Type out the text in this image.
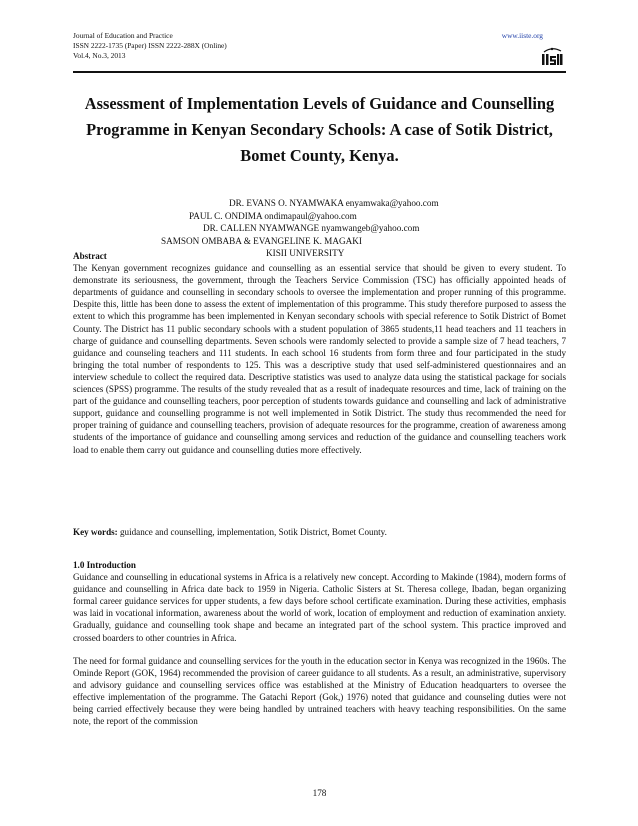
Journal of Education and Practice
ISSN 2222-1735 (Paper) ISSN 2222-288X (Online)
Vol.4, No.3, 2013
www.iiste.org
Assessment of Implementation Levels of Guidance and Counselling
Programme in Kenyan Secondary Schools: A case of Sotik District,
Bomet County, Kenya.
DR. EVANS O. NYAMWAKA enyamwaka@yahoo.com
PAUL C. ONDIMA ondimapaul@yahoo.com
DR. CALLEN NYAMWANGE nyamwangeb@yahoo.com
SAMSON OMBABA & EVANGELINE K. MAGAKI
KISII UNIVERSITY
Abstract
The Kenyan government recognizes guidance and counselling as an essential service that should be given to every student. To demonstrate its seriousness, the government, through the Teachers Service Commission (TSC) has officially appointed heads of departments of guidance and counselling in secondary schools to oversee the implementation and proper running of this programme. Despite this, little has been done to assess the extent of implementation of this programme. This study therefore purposed to assess the extent to which this programme has been implemented in Kenyan secondary schools with special reference to Sotik District of Bomet County. The District has 11 public secondary schools with a student population of 3865 students,11 head teachers and 11 teachers in charge of guidance and counselling departments. Seven schools were randomly selected to provide a sample size of 7 head teachers, 7 guidance and counseling teachers and 111 students. In each school 16 students from form three and four participated in the study bringing the total number of respondents to 125. This was a descriptive study that used self-administered questionnaires and an interview schedule to collect the required data. Descriptive statistics was used to analyze data using the statistical package for socials sciences (SPSS) programme. The results of the study revealed that as a result of inadequate resources and time, lack of training on the part of the guidance and counselling teachers, poor perception of students towards guidance and counselling and lack of administrative support, guidance and counselling programme is not well implemented in Sotik District. The study thus recommended the need for proper training of guidance and counselling teachers, provision of adequate resources for the programme, creation of awareness among students of the importance of guidance and counselling among services and reduction of the guidance and counselling teachers work load to enable them carry out guidance and counselling duties more effectively.
Key words: guidance and counselling, implementation, Sotik District, Bomet County.
1.0 Introduction

Guidance and counselling in educational systems in Africa is a relatively new concept. According to Makinde (1984), modern forms of guidance and counselling in Africa date back to 1959 in Nigeria. Catholic Sisters at St. Theresa college, Ibadan, began organizing formal career guidance services for upper students, a few days before school certificate examination. During these activities, emphasis was laid in vocational information, awareness about the world of work, location of employment and reduction of examination anxiety. Gradually, guidance and counselling took shape and became an integrated part of the school system. This practice improved and crossed boarders to other countries in Africa.

The need for formal guidance and counselling services for the youth in the education sector in Kenya was recognized in the 1960s. The Ominde Report (GOK, 1964) recommended the provision of career guidance to all students. As a result, an administrative, supervisory and advisory guidance and counselling services office was established at the Ministry of Education headquarters to oversee the effective implementation of the programme. The Gatachi Report (Gok,) 1976) noted that guidance and counseling duties were not being carried effectively because they were being handled by untrained teachers with heavy teaching responsibilities. On the same note, the report of the commission

178
